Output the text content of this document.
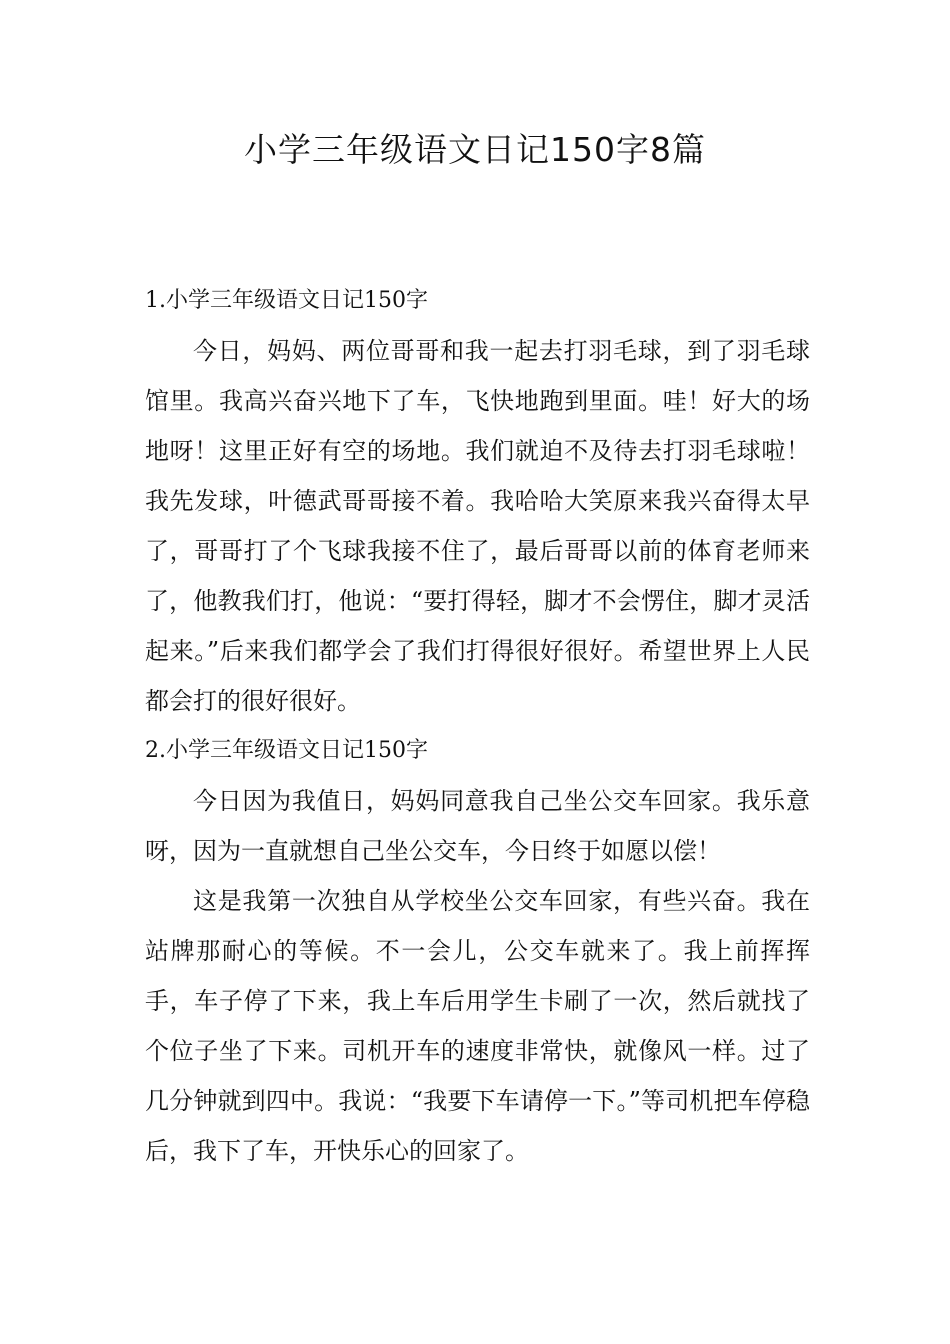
小学三年级语文日记150字8篇
1.小学三年级语文日记150字

今日，妈妈、两位哥哥和我一起去打羽毛球，到了羽毛球馆里。我高兴奋兴地下了车，飞快地跑到里面。哇！好大的场地呀！这里正好有空的场地。我们就迫不及待去打羽毛球啦！我先发球，叶德武哥哥接不着。我哈哈大笑原来我兴奋得太早了，哥哥打了个飞球我接不住了，最后哥哥以前的体育老师来了，他教我们打，他说：“要打得轻，脚才不会愣住，脚才灵活起来。”后来我们都学会了我们打得很好很好。希望世界上人民都会打的很好很好。

2.小学三年级语文日记150字

今日因为我值日，妈妈同意我自己坐公交车回家。我乐意呀，因为一直就想自己坐公交车，今日终于如愿以偿！

这是我第一次独自从学校坐公交车回家，有些兴奋。我在站牌那耐心的等候。不一会儿，公交车就来了。我上前挥挥手，车子停了下来，我上车后用学生卡刷了一次，然后就找了个位子坐了下来。司机开车的速度非常快，就像风一样。过了几分钟就到四中。我说：“我要下车请停一下。”等司机把车停稳后，我下了车，开快乐心的回家了。
